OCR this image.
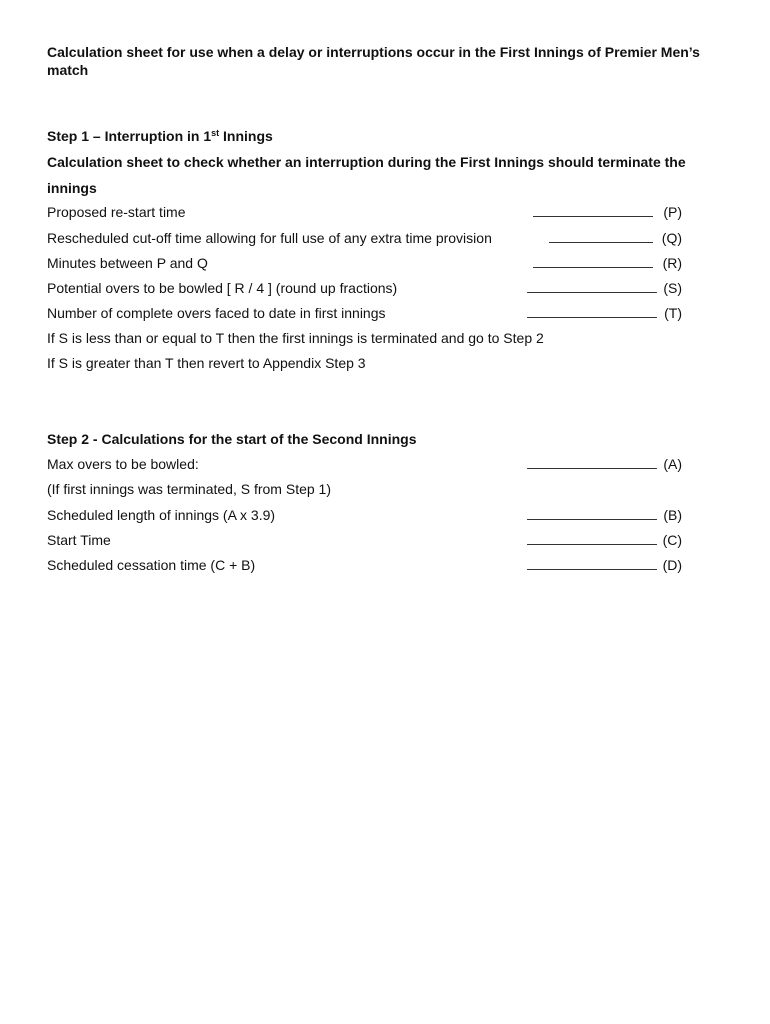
Calculation sheet for use when a delay or interruptions occur in the First Innings of Premier Men’s match
Step 1 – Interruption in 1st Innings
Calculation sheet to check whether an interruption during the First Innings should terminate the innings
Proposed re-start time	(P)
Rescheduled cut-off time allowing for full use of any extra time provision	(Q)
Minutes between P and Q	(R)
Potential overs to be bowled [ R / 4 ] (round up fractions)	(S)
Number of complete overs faced to date in first innings	(T)
If S is less than or equal to T then the first innings is terminated and go to Step 2
If S is greater than T then revert to Appendix Step 3
Step 2 - Calculations for the start of the Second Innings
Max overs to be bowled:	(A)
(If first innings was terminated, S from Step 1)
Scheduled length of innings (A x 3.9)	(B)
Start Time	(C)
Scheduled cessation time (C + B)	(D)
